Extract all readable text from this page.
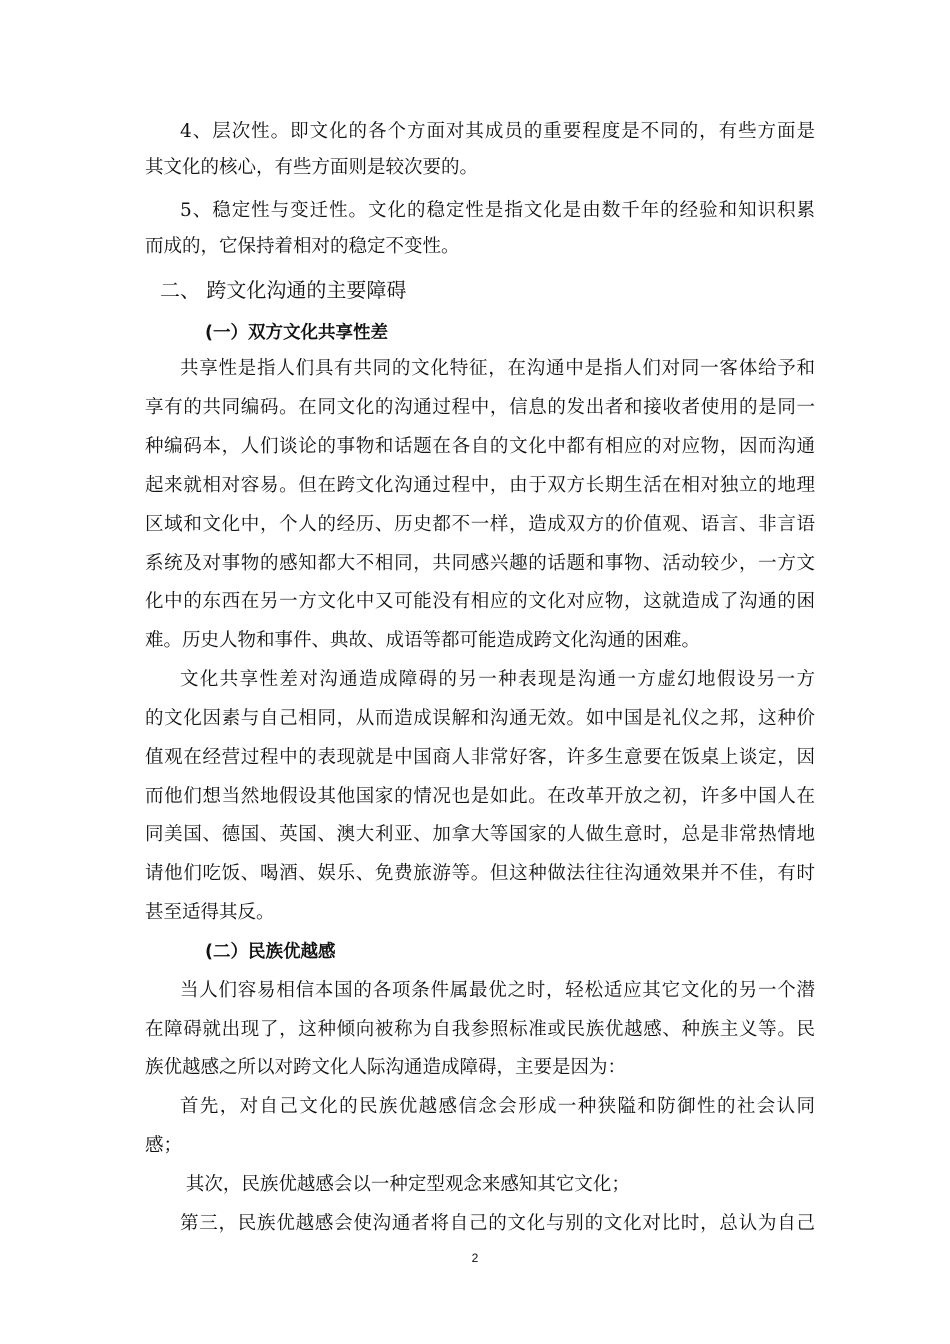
4、层次性。即文化的各个方面对其成员的重要程度是不同的，有些方面是
其文化的核心，有些方面则是较次要的。
5、稳定性与变迁性。文化的稳定性是指文化是由数千年的经验和知识积累
而成的，它保持着相对的稳定不变性。
二、 跨文化沟通的主要障碍
(一）双方文化共享性差
共享性是指人们具有共同的文化特征，在沟通中是指人们对同一客体给予和
享有的共同编码。在同文化的沟通过程中，信息的发出者和接收者使用的是同一
种编码本，人们谈论的事物和话题在各自的文化中都有相应的对应物，因而沟通
起来就相对容易。但在跨文化沟通过程中，由于双方长期生活在相对独立的地理
区域和文化中，个人的经历、历史都不一样，造成双方的价值观、语言、非言语
系统及对事物的感知都大不相同，共同感兴趣的话题和事物、活动较少，一方文
化中的东西在另一方文化中又可能没有相应的文化对应物，这就造成了沟通的困
难。历史人物和事件、典故、成语等都可能造成跨文化沟通的困难。
文化共享性差对沟通造成障碍的另一种表现是沟通一方虚幻地假设另一方
的文化因素与自己相同，从而造成误解和沟通无效。如中国是礼仪之邦，这种价
值观在经营过程中的表现就是中国商人非常好客，许多生意要在饭桌上谈定，因
而他们想当然地假设其他国家的情况也是如此。在改革开放之初，许多中国人在
同美国、德国、英国、澳大利亚、加拿大等国家的人做生意时，总是非常热情地
请他们吃饭、喝酒、娱乐、免费旅游等。但这种做法往往沟通效果并不佳，有时
甚至适得其反。
(二）民族优越感
当人们容易相信本国的各项条件属最优之时，轻松适应其它文化的另一个潜
在障碍就出现了，这种倾向被称为自我参照标准或民族优越感、种族主义等。民
族优越感之所以对跨文化人际沟通造成障碍，主要是因为：
首先，对自己文化的民族优越感信念会形成一种狭隘和防御性的社会认同
感；
其次，民族优越感会以一种定型观念来感知其它文化；
第三，民族优越感会使沟通者将自己的文化与别的文化对比时，总认为自己
2
